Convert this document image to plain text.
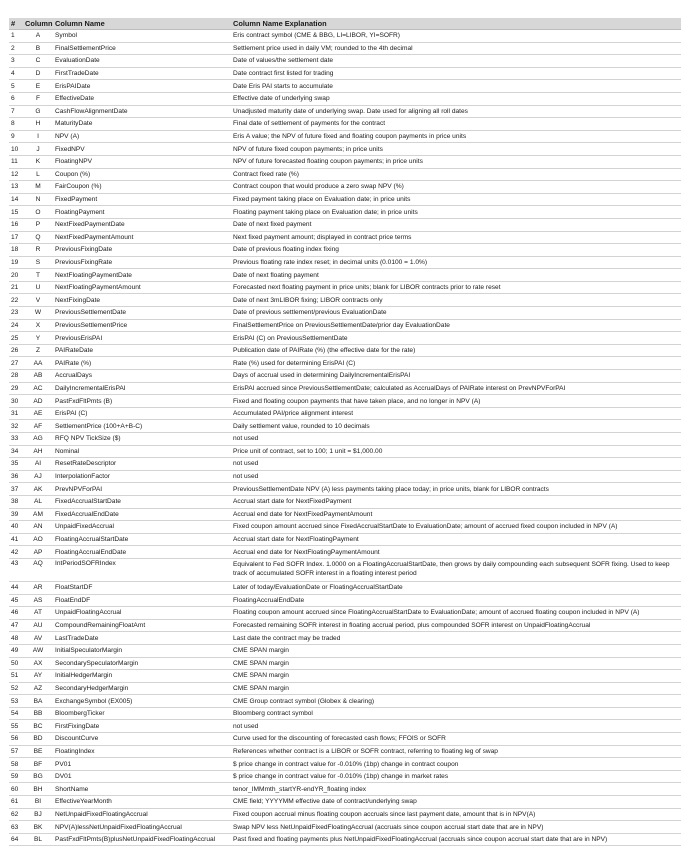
#	Column	Column Name	Column Name Explanation
1	A	Symbol	Eris contract symbol (CME & BBG, LI=LIBOR, YI=SOFR)
2	B	FinalSettlementPrice	Settlement price used in daily VM; rounded to the 4th decimal
3	C	EvaluationDate	Date of values/the settlement date
4	D	FirstTradeDate	Date contract first listed for trading
5	E	ErisPAIDate	Date Eris PAI starts to accumulate
6	F	EffectiveDate	Effective date of underlying swap
7	G	CashFlowAlignmentDate	Unadjusted maturity date of underlying swap. Date used for aligning all roll dates
8	H	MaturityDate	Final date of settlement of payments for the contract
9	I	NPV (A)	Eris A value; the NPV of future fixed and floating coupon payments in price units
10	J	FixedNPV	NPV of future fixed coupon payments; in price units
11	K	FloatingNPV	NPV of future forecasted floating coupon payments; in price units
12	L	Coupon (%)	Contract fixed rate (%)
13	M	FairCoupon (%)	Contract coupon that would produce a zero swap NPV (%)
14	N	FixedPayment	Fixed payment taking place on Evaluation date; in price units
15	O	FloatingPayment	Floating payment taking place on Evaluation date; in price units
16	P	NextFixedPaymentDate	Date of next fixed payment
17	Q	NextFixedPaymentAmount	Next fixed payment amount; displayed in contract price terms
18	R	PreviousFixingDate	Date of previous floating index fixing
19	S	PreviousFixingRate	Previous floating rate index reset; in decimal units (0.0100 = 1.0%)
20	T	NextFloatingPaymentDate	Date of next floating payment
21	U	NextFloatingPaymentAmount	Forecasted next floating payment in price units; blank for LIBOR contracts prior to rate reset
22	V	NextFixingDate	Date of next 3mLIBOR fixing; LIBOR contracts only
23	W	PreviousSettlementDate	Date of previous settlement/previous EvaluationDate
24	X	PreviousSettlementPrice	FinalSettlementPrice on PreviousSettlementDate/prior day EvaluationDate
25	Y	PreviousErisPAI	ErisPAI (C) on PreviousSettlementDate
26	Z	PAIRateDate	Publication date of PAIRate (%) (the effective date for the rate)
27	AA	PAIRate (%)	Rate (%) used for determining ErisPAI (C)
28	AB	AccrualDays	Days of accrual used in determining DailyIncrementalErisPAI
29	AC	DailyIncrementalErisPAI	ErisPAI accrued since PreviousSettlementDate; calculated as AccrualDays of PAIRate interest on PrevNPVForPAI
30	AD	PastFxdFltPmts (B)	Fixed and floating coupon payments that have taken place, and no longer in NPV (A)
31	AE	ErisPAI (C)	Accumulated PAI/price alignment interest
32	AF	SettlementPrice (100+A+B-C)	Daily settlement value, rounded to 10 decimals
33	AG	RFQ NPV TickSize ($)	not used
34	AH	Nominal	Price unit of contract, set to 100; 1 unit = $1,000.00
35	AI	ResetRateDescriptor	not used
36	AJ	InterpolationFactor	not used
37	AK	PrevNPVForPAI	PreviousSettlementDate NPV (A) less payments taking place today; in price units, blank for LIBOR contracts
38	AL	FixedAccrualStartDate	Accrual start date for NextFixedPayment
39	AM	FixedAccrualEndDate	Accrual end date for NextFixedPaymentAmount
40	AN	UnpaidFixedAccrual	Fixed coupon amount accrued since FixedAccrualStartDate to EvaluationDate; amount of accrued fixed coupon included in NPV (A)
41	AO	FloatingAccrualStartDate	Accrual start date for NextFloatingPayment
42	AP	FloatingAccrualEndDate	Accrual end date for NextFloatingPaymentAmount
43	AQ	IntPeriodSOFRIndex	Equivalent to Fed SOFR Index. 1.0000 on a FloatingAccrualStartDate, then grows by daily compounding each subsequent SOFR fixing. Used to keep track of accumulated SOFR interest in a floating interest period
44	AR	FloatStartDF	Later of today/EvaluationDate or FloatingAccrualStartDate
45	AS	FloatEndDF	FloatingAccrualEndDate
46	AT	UnpaidFloatingAccrual	Floating coupon amount accrued since FloatingAccrualStartDate to EvaluationDate; amount of accrued floating coupon included in NPV (A)
47	AU	CompoundRemainingFloatAmt	Forecasted remaining SOFR interest in floating accrual period, plus compounded SOFR interest on UnpaidFloatingAccrual
48	AV	LastTradeDate	Last date the contract may be traded
49	AW	InitialSpeculatorMargin	CME SPAN margin
50	AX	SecondarySpeculatorMargin	CME SPAN margin
51	AY	InitialHedgerMargin	CME SPAN margin
52	AZ	SecondaryHedgerMargin	CME SPAN margin
53	BA	ExchangeSymbol (EX005)	CME Group contract symbol (Globex & clearing)
54	BB	BloombergTicker	Bloomberg contract symbol
55	BC	FirstFixingDate	not used
56	BD	DiscountCurve	Curve used for the discounting of forecasted cash flows; FFOIS or SOFR
57	BE	FloatingIndex	References whether contract is a LIBOR or SOFR contract, referring to floating leg of swap
58	BF	PV01	$ price change in contract value for -0.010% (1bp) change in contract coupon
59	BG	DV01	$ price change in contract value for -0.010% (1bp) change in market rates
60	BH	ShortName	tenor_IMMmth_startYR-endYR_floating index
61	BI	EffectiveYearMonth	CME field; YYYYMM effective date of contract/underlying swap
62	BJ	NetUnpaidFixedFloatingAccrual	Fixed coupon accrual minus floating coupon accruals since last payment date, amount that is in NPV(A)
63	BK	NPV(A)lessNetUnpaidFixedFloatingAccrual	Swap NPV less NetUnpaidFixedFloatingAccrual (accruals since coupon accrual start date that are in NPV)
64	BL	PastFxdFltPmts(B)plusNetUnpaidFixedFloatingAccrual	Past fixed and floating payments plus NetUnpaidFixedFloatingAccrual (accruals since coupon accrual start date that are in NPV)
